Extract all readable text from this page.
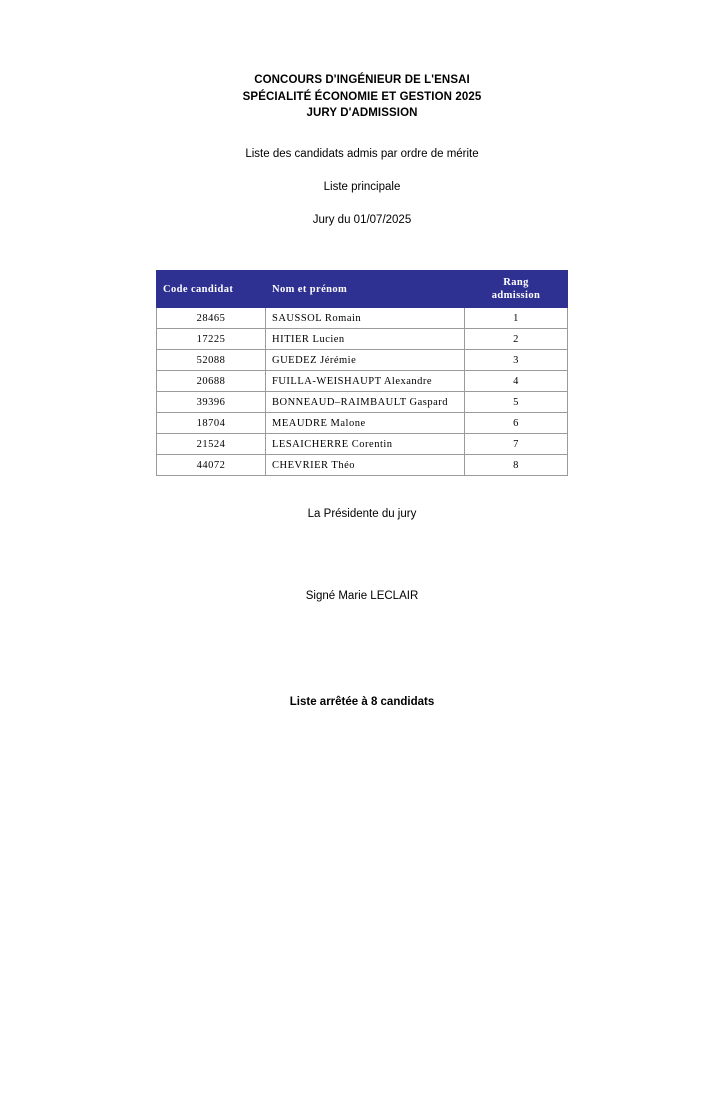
CONCOURS D'INGÉNIEUR DE L'ENSAI
SPÉCIALITÉ ÉCONOMIE ET GESTION 2025
JURY D'ADMISSION
Liste des candidats admis par ordre de mérite
Liste principale
Jury du 01/07/2025
Code candidat	Nom et prénom	Rang
admission
28465	SAUSSOL Romain	1
17225	HITIER Lucien	2
52088	GUEDEZ Jérémie	3
20688	FUILLA-WEISHAUPT Alexandre	4
39396	BONNEAUD–RAIMBAULT Gaspard	5
18704	MEAUDRE Malone	6
21524	LESAICHERRE Corentin	7
44072	CHEVRIER Théo	8
La Présidente du jury
Signé Marie LECLAIR
Liste arrêtée à 8 candidats
